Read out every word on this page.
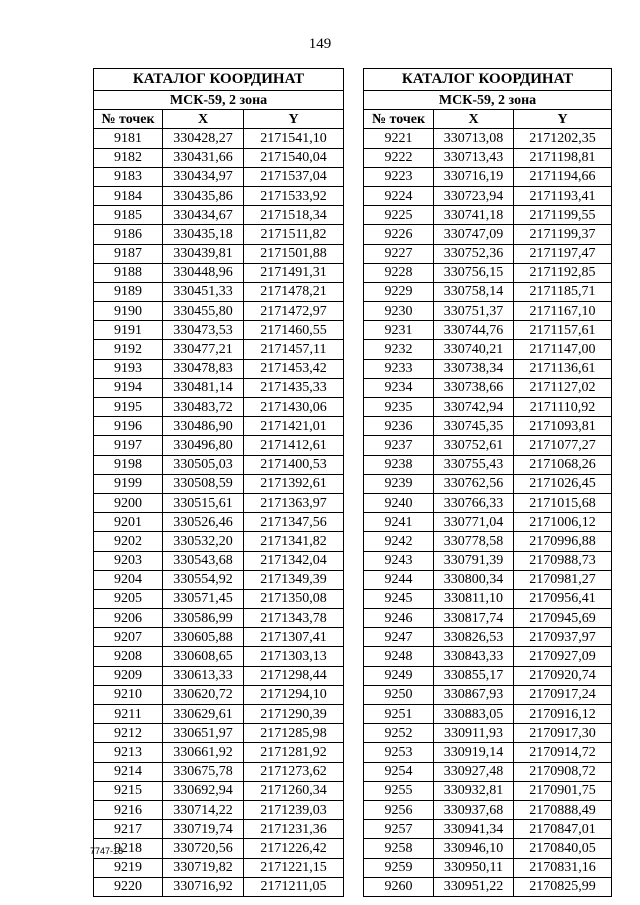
149
КАТАЛОГ КООРДИНАТ		
МСК-59, 2 зона		
№ точек	X	Y
9181	330428,27	2171541,10
9182	330431,66	2171540,04
9183	330434,97	2171537,04
9184	330435,86	2171533,92
9185	330434,67	2171518,34
9186	330435,18	2171511,82
9187	330439,81	2171501,88
9188	330448,96	2171491,31
9189	330451,33	2171478,21
9190	330455,80	2171472,97
9191	330473,53	2171460,55
9192	330477,21	2171457,11
9193	330478,83	2171453,42
9194	330481,14	2171435,33
9195	330483,72	2171430,06
9196	330486,90	2171421,01
9197	330496,80	2171412,61
9198	330505,03	2171400,53
9199	330508,59	2171392,61
9200	330515,61	2171363,97
9201	330526,46	2171347,56
9202	330532,20	2171341,82
9203	330543,68	2171342,04
9204	330554,92	2171349,39
9205	330571,45	2171350,08
9206	330586,99	2171343,78
9207	330605,88	2171307,41
9208	330608,65	2171303,13
9209	330613,33	2171298,44
9210	330620,72	2171294,10
9211	330629,61	2171290,39
9212	330651,97	2171285,98
9213	330661,92	2171281,92
9214	330675,78	2171273,62
9215	330692,94	2171260,34
9216	330714,22	2171239,03
9217	330719,74	2171231,36
9218	330720,56	2171226,42
9219	330719,82	2171221,15
9220	330716,92	2171211,05
КАТАЛОГ КООРДИНАТ		
МСК-59, 2 зона		
№ точек	X	Y
9221	330713,08	2171202,35
9222	330713,43	2171198,81
9223	330716,19	2171194,66
9224	330723,94	2171193,41
9225	330741,18	2171199,55
9226	330747,09	2171199,37
9227	330752,36	2171197,47
9228	330756,15	2171192,85
9229	330758,14	2171185,71
9230	330751,37	2171167,10
9231	330744,76	2171157,61
9232	330740,21	2171147,00
9233	330738,34	2171136,61
9234	330738,66	2171127,02
9235	330742,94	2171110,92
9236	330745,35	2171093,81
9237	330752,61	2171077,27
9238	330755,43	2171068,26
9239	330762,56	2171026,45
9240	330766,33	2171015,68
9241	330771,04	2171006,12
9242	330778,58	2170996,88
9243	330791,39	2170988,73
9244	330800,34	2170981,27
9245	330811,10	2170956,41
9246	330817,74	2170945,69
9247	330826,53	2170937,97
9248	330843,33	2170927,09
9249	330855,17	2170920,74
9250	330867,93	2170917,24
9251	330883,05	2170916,12
9252	330911,93	2170917,30
9253	330919,14	2170914,72
9254	330927,48	2170908,72
9255	330932,81	2170901,75
9256	330937,68	2170888,49
9257	330941,34	2170847,01
9258	330946,10	2170840,05
9259	330950,11	2170831,16
9260	330951,22	2170825,99
7747-18
